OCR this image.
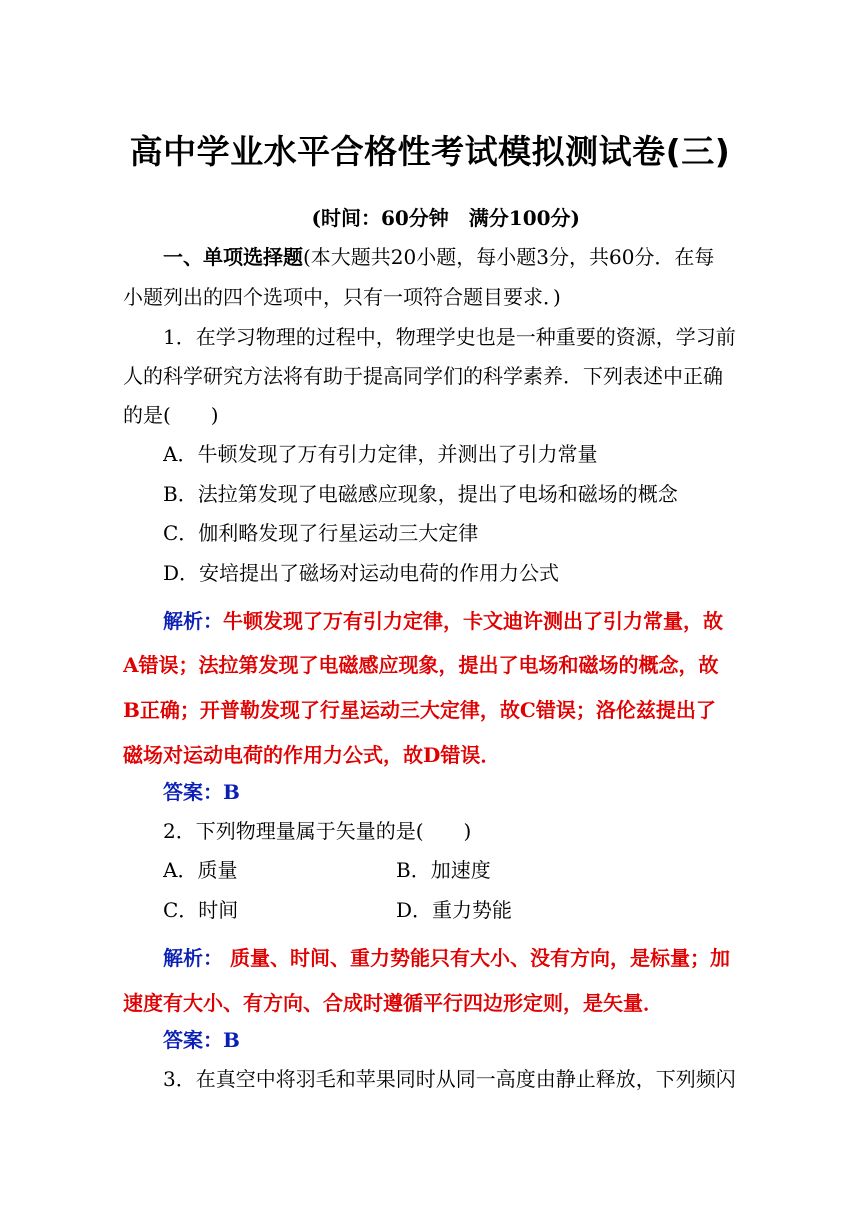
高中学业水平合格性考试模拟测试卷(三)
(时间：60分钟　满分100分)
一、单项选择题(本大题共20小题，每小题3分，共60分．在每
小题列出的四个选项中，只有一项符合题目要求．)
1．在学习物理的过程中，物理学史也是一种重要的资源，学习前
人的科学研究方法将有助于提高同学们的科学素养．下列表述中正确
的是(　　)
A．牛顿发现了万有引力定律，并测出了引力常量
B．法拉第发现了电磁感应现象，提出了电场和磁场的概念
C．伽利略发现了行星运动三大定律
D．安培提出了磁场对运动电荷的作用力公式
解析：牛顿发现了万有引力定律，卡文迪许测出了引力常量，故
A错误；法拉第发现了电磁感应现象，提出了电场和磁场的概念，故
B正确；开普勒发现了行星运动三大定律，故C错误；洛伦兹提出了
磁场对运动电荷的作用力公式，故D错误．
答案：B
2．下列物理量属于矢量的是(　　)
A．质量	B．加速度
C．时间	D．重力势能
解析： 质量、时间、重力势能只有大小、没有方向，是标量；加
速度有大小、有方向、合成时遵循平行四边形定则，是矢量．
答案：B
3．在真空中将羽毛和苹果同时从同一高度由静止释放，下列频闪
